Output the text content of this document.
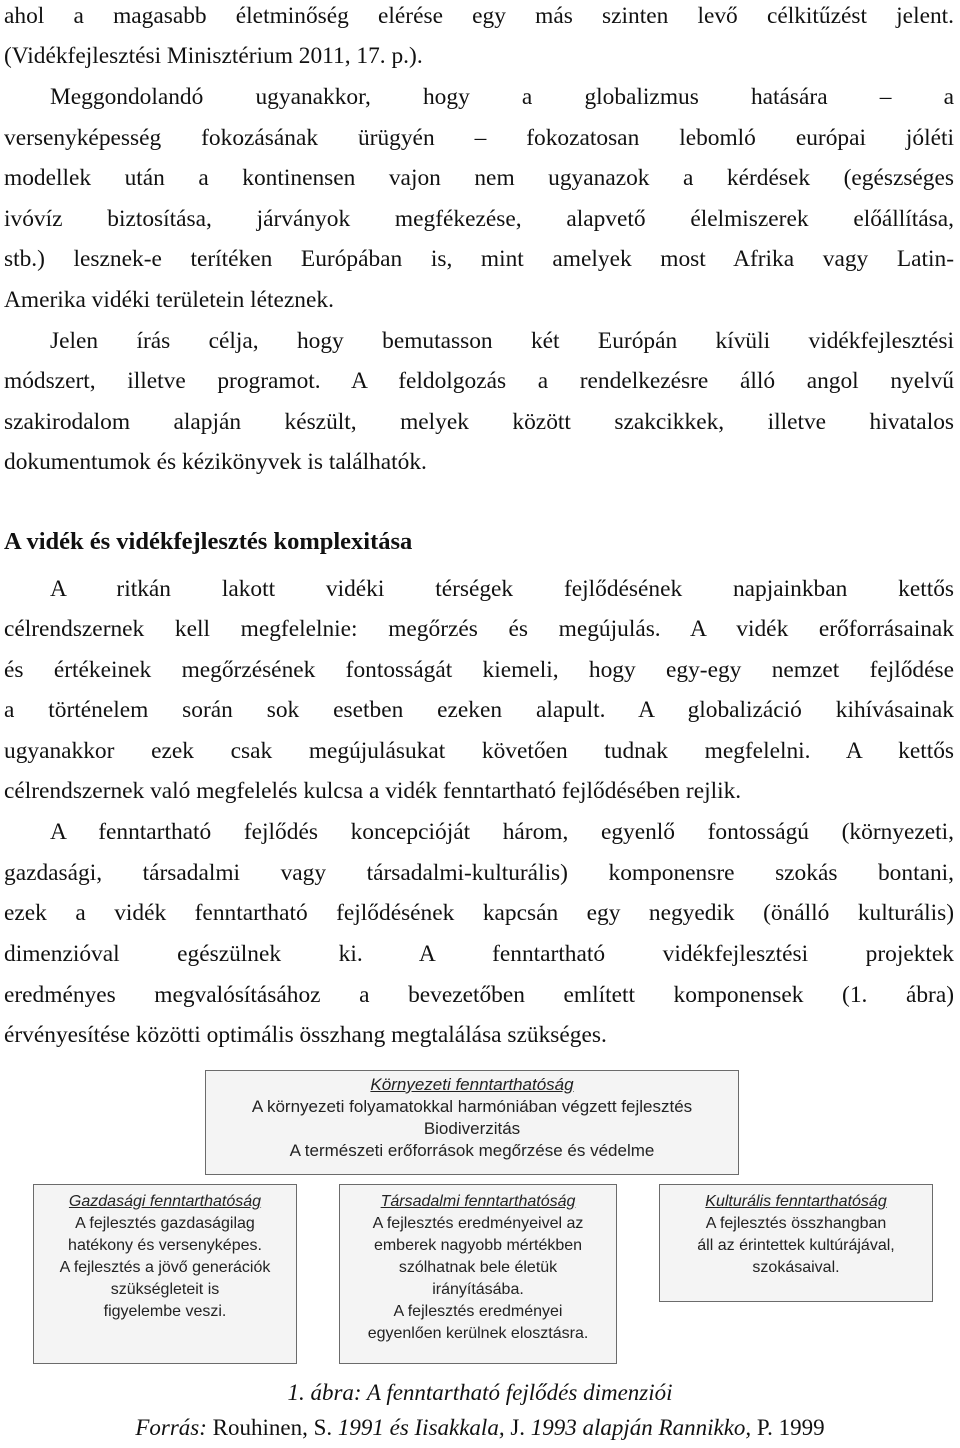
ahol a magasabb életminőség elérése egy más szinten levő célkitűzést jelent.
(Vidékfejlesztési Minisztérium 2011, 17. p.).
Meggondolandó ugyanakkor, hogy a globalizmus hatására – a
versenyképesség fokozásának ürügyén – fokozatosan lebomló európai jóléti
modellek után a kontinensen vajon nem ugyanazok a kérdések (egészséges
ivóvíz biztosítása, járványok megfékezése, alapvető élelmiszerek előállítása,
stb.) lesznek-e terítéken Európában is, mint amelyek most Afrika vagy Latin-
Amerika vidéki területein léteznek.
Jelen írás célja, hogy bemutasson két Európán kívüli vidékfejlesztési
módszert, illetve programot. A feldolgozás a rendelkezésre álló angol nyelvű
szakirodalom alapján készült, melyek között szakcikkek, illetve hivatalos
dokumentumok és kézikönyvek is találhatók.
A vidék és vidékfejlesztés komplexitása
A ritkán lakott vidéki térségek fejlődésének napjainkban kettős
célrendszernek kell megfelelnie: megőrzés és megújulás. A vidék erőforrásainak
és értékeinek megőrzésének fontosságát kiemeli, hogy egy-egy nemzet fejlődése
a történelem során sok esetben ezeken alapult. A globalizáció kihívásainak
ugyanakkor ezek csak megújulásukat követően tudnak megfelelni. A kettős
célrendszernek való megfelelés kulcsa a vidék fenntartható fejlődésében rejlik.
A fenntartható fejlődés koncepcióját három, egyenlő fontosságú (környezeti,
gazdasági, társadalmi vagy társadalmi-kulturális) komponensre szokás bontani,
ezek a vidék fenntartható fejlődésének kapcsán egy negyedik (önálló kulturális)
dimenzióval egészülnek ki. A fenntartható vidékfejlesztési projektek
eredményes megvalósításához a bevezetőben említett komponensek (1. ábra)
érvényesítése közötti optimális összhang megtalálása szükséges.
Környezeti fenntarthatóság
A környezeti folyamatokkal harmóniában végzett fejlesztés
Biodiverzitás
A természeti erőforrások megőrzése és védelme
Gazdasági fenntarthatóság
A fejlesztés gazdaságilag
hatékony és versenyképes.
A fejlesztés a jövő generációk
szükségleteit is
figyelembe veszi.
Társadalmi fenntarthatóság
A fejlesztés eredményeivel az
emberek nagyobb mértékben
szólhatnak bele életük
irányításába.
A fejlesztés eredményei
egyenlően kerülnek elosztásra.
Kulturális fenntarthatóság
A fejlesztés összhangban
áll az érintettek kultúrájával,
szokásaival.
1. ábra: A fenntartható fejlődés dimenziói
Forrás: Rouhinen, S. 1991 és Iisakkala, J. 1993 alapján Rannikko, P. 1999
